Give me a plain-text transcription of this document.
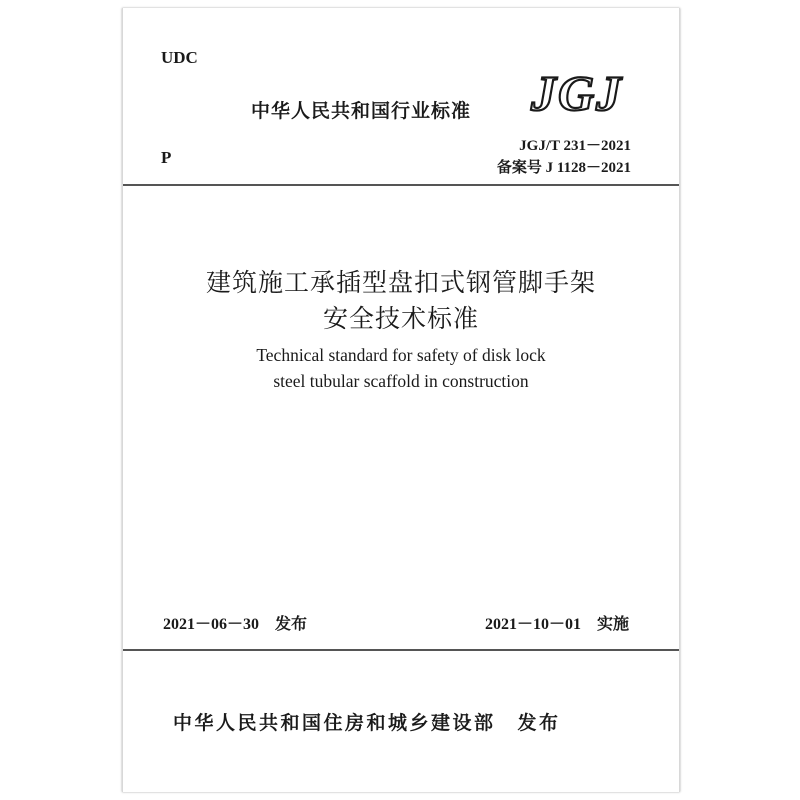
UDC
中华人民共和国行业标准 JGJ
JGJ/T 231－2021
P
备案号 J 1128－2021
建筑施工承插型盘扣式钢管脚手架
安全技术标准
Technical standard for safety of disk lock
steel tubular scaffold in construction
2021－06－30 发布	2021－10－01 实施
中华人民共和国住房和城乡建设部 发布
